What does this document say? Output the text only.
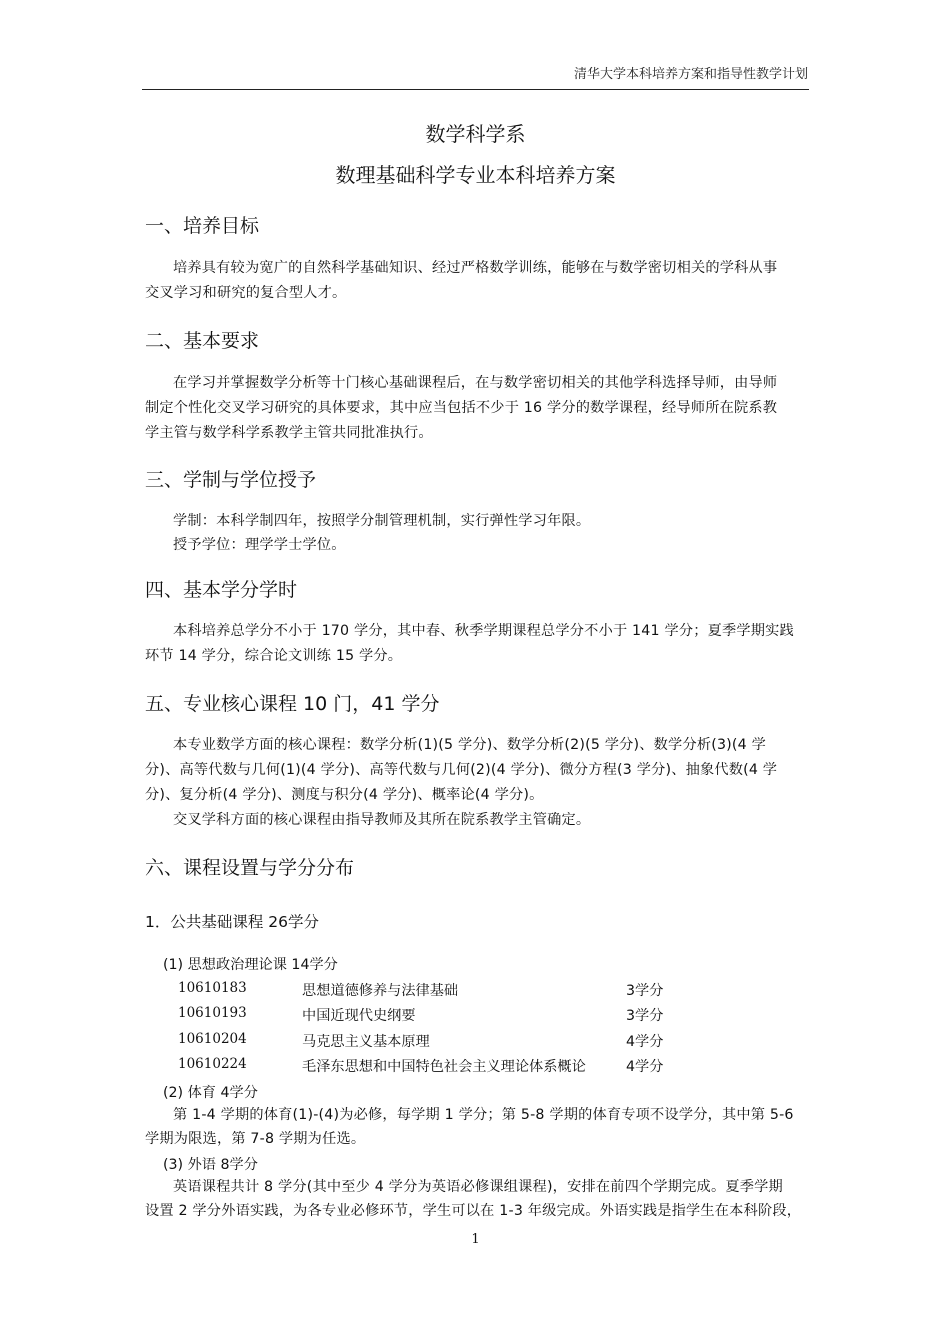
清华大学本科培养方案和指导性教学计划
数学科学系
数理基础科学专业本科培养方案
一、培养目标
培养具有较为宽广的自然科学基础知识、经过严格数学训练，能够在与数学密切相关的学科从事
交叉学习和研究的复合型人才。
二、基本要求
在学习并掌握数学分析等十门核心基础课程后，在与数学密切相关的其他学科选择导师，由导师
制定个性化交叉学习研究的具体要求，其中应当包括不少于 16 学分的数学课程，经导师所在院系教
学主管与数学科学系教学主管共同批准执行。
三、学制与学位授予
学制：本科学制四年，按照学分制管理机制，实行弹性学习年限。
授予学位：理学学士学位。
四、基本学分学时
本科培养总学分不小于 170 学分，其中春、秋季学期课程总学分不小于 141 学分；夏季学期实践
环节 14 学分，综合论文训练 15 学分。
五、专业核心课程 10 门，41 学分
本专业数学方面的核心课程：数学分析(1)(5 学分)、数学分析(2)(5 学分)、数学分析(3)(4 学
分)、高等代数与几何(1)(4 学分)、高等代数与几何(2)(4 学分)、微分方程(3 学分)、抽象代数(4 学
分)、复分析(4 学分)、测度与积分(4 学分)、概率论(4 学分)。
交叉学科方面的核心课程由指导教师及其所在院系教学主管确定。
六、课程设置与学分分布
1．公共基础课程 26学分
(1) 思想政治理论课 14学分
10610183	思想道德修养与法律基础	3学分
10610193	中国近现代史纲要	3学分
10610204	马克思主义基本原理	4学分
10610224	毛泽东思想和中国特色社会主义理论体系概论	4学分
(2) 体育 4学分
第 1-4 学期的体育(1)-(4)为必修，每学期 1 学分；第 5-8 学期的体育专项不设学分，其中第 5-6
学期为限选，第 7-8 学期为任选。
(3) 外语 8学分
英语课程共计 8 学分(其中至少 4 学分为英语必修课组课程)，安排在前四个学期完成。夏季学期
设置 2 学分外语实践，为各专业必修环节，学生可以在 1-3 年级完成。外语实践是指学生在本科阶段，
1
